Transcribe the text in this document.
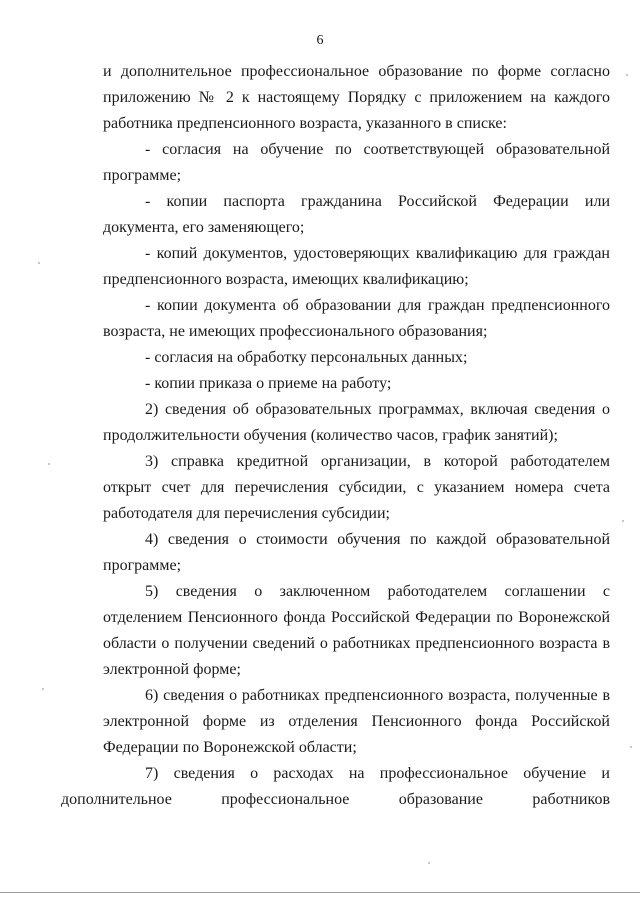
6

и дополнительное профессиональное образование по форме согласно приложению № 2 к настоящему Порядку с приложением на каждого работника предпенсионного возраста, указанного в списке:

- согласия на обучение по соответствующей образовательной программе;

- копии паспорта гражданина Российской Федерации или документа, его заменяющего;

- копий документов, удостоверяющих квалификацию для граждан предпенсионного возраста, имеющих квалификацию;

- копии документа об образовании для граждан предпенсионного возраста, не имеющих профессионального образования;

- согласия на обработку персональных данных;

- копии приказа о приеме на работу;

2) сведения об образовательных программах, включая сведения о продолжительности обучения (количество часов, график занятий);

3) справка кредитной организации, в которой работодателем открыт счет для перечисления субсидии, с указанием номера счета работодателя для перечисления субсидии;

4) сведения о стоимости обучения по каждой образовательной программе;

5) сведения о заключенном работодателем соглашении с отделением Пенсионного фонда Российской Федерации по Воронежской области о получении сведений о работниках предпенсионного возраста в электронной форме;

6) сведения о работниках предпенсионного возраста, полученные в электронной форме из отделения Пенсионного фонда Российской Федерации по Воронежской области;

7) сведения о расходах на профессиональное обучение и
дополнительное профессиональное образование работников
